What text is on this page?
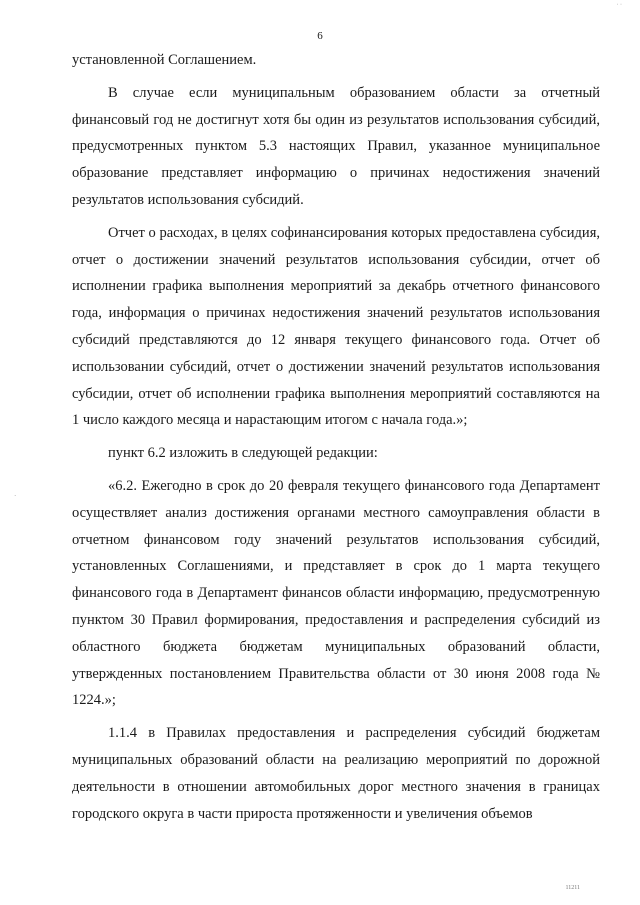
· ·
6
·

установленной Соглашением.

В случае если муниципальным образованием области за отчетный финансовый год не достигнут хотя бы один из результатов использования субсидий, предусмотренных пунктом 5.3 настоящих Правил, указанное муниципальное образование представляет информацию о причинах недостижения значений результатов использования субсидий.

Отчет о расходах, в целях софинансирования которых предоставлена субсидия, отчет о достижении значений результатов использования субсидии, отчет об исполнении графика выполнения мероприятий за декабрь отчетного финансового года, информация о причинах недостижения значений результатов использования субсидий представляются до 12 января текущего финансового года. Отчет об использовании субсидий, отчет о достижении значений результатов использования субсидии, отчет об исполнении графика выполнения мероприятий составляются на 1 число каждого месяца и нарастающим итогом с начала года.»;

пункт 6.2 изложить в следующей редакции:

«6.2. Ежегодно в срок до 20 февраля текущего финансового года Департамент осуществляет анализ достижения органами местного самоуправления области в отчетном финансовом году значений результатов использования субсидий, установленных Соглашениями, и представляет в срок до 1 марта текущего финансового года в Департамент финансов области информацию, предусмотренную пунктом 30 Правил формирования, предоставления и распределения субсидий из областного бюджета бюджетам муниципальных образований области, утвержденных постановлением Правительства области от 30 июня 2008 года № 1224.»;

1.1.4 в Правилах предоставления и распределения субсидий бюджетам муниципальных образований области на реализацию мероприятий по дорожной деятельности в отношении автомобильных дорог местного значения в границах городского округа в части прироста протяженности и увеличения объемов

11211
